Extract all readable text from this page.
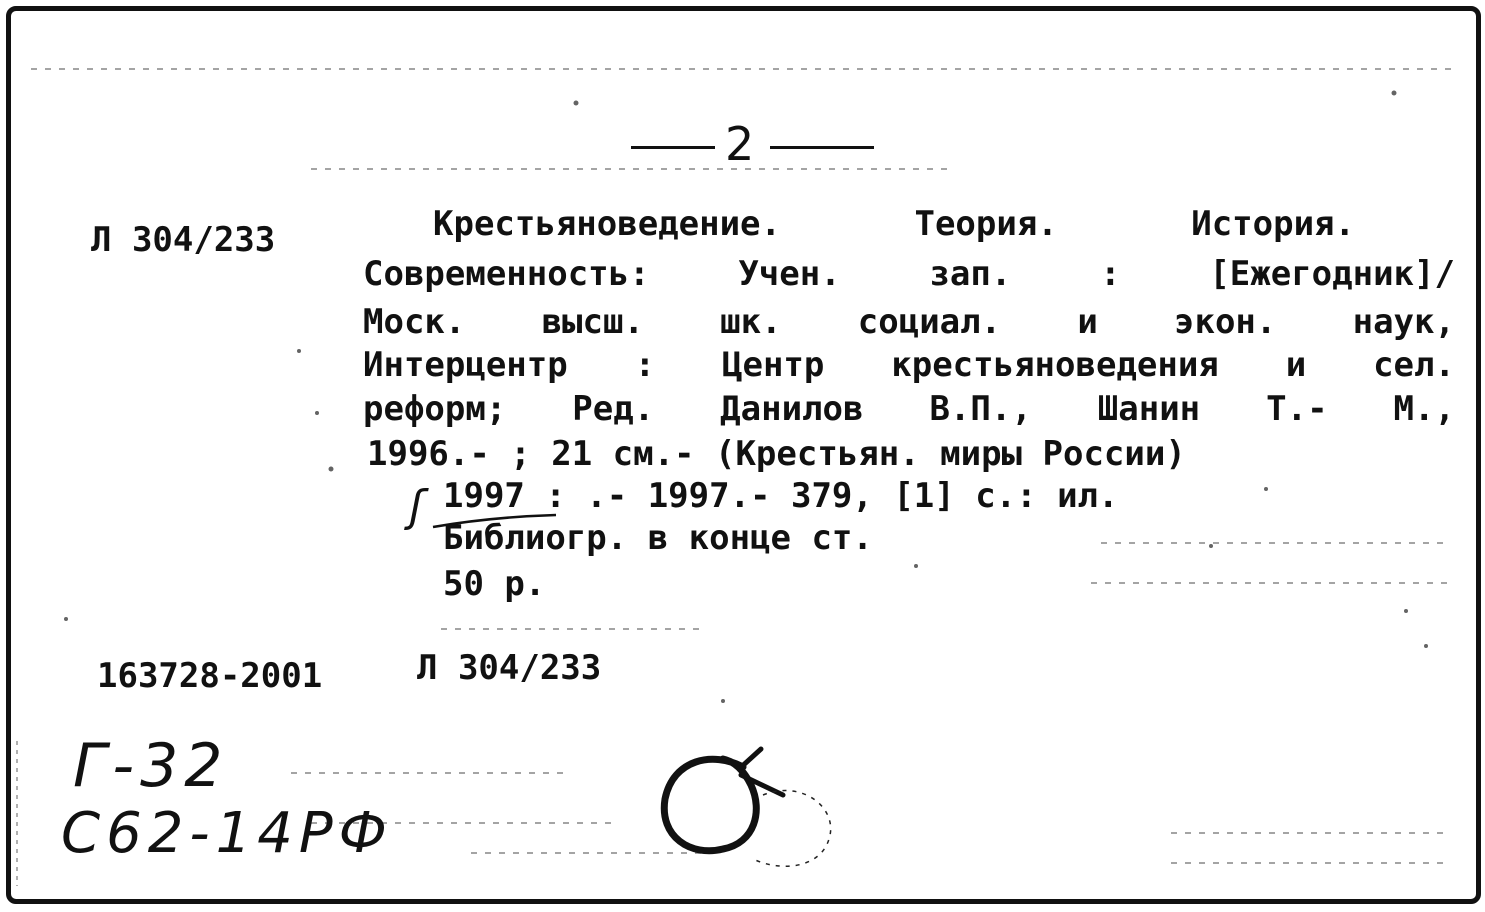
2
Л 304/233	Крестьяноведение.	Теория.	История.
Современность:	Учен.	зап.	:	[Ежегодник]/
Моск. высш. шк. социал. и экон. наук,
Интерцентр : Центр крестьяноведения и сел.
реформ; Ред. Данилов В.П., Шанин Т.- М.,
1996.- ; 21 см.- (Крестьян. миры России)
ʃ 1997 : .- 1997.- 379, [1] с.: ил.
Библиогр. в конце ст.
50 р.
163728-2001	Л 304/233
Г-32
С62-14РФ
